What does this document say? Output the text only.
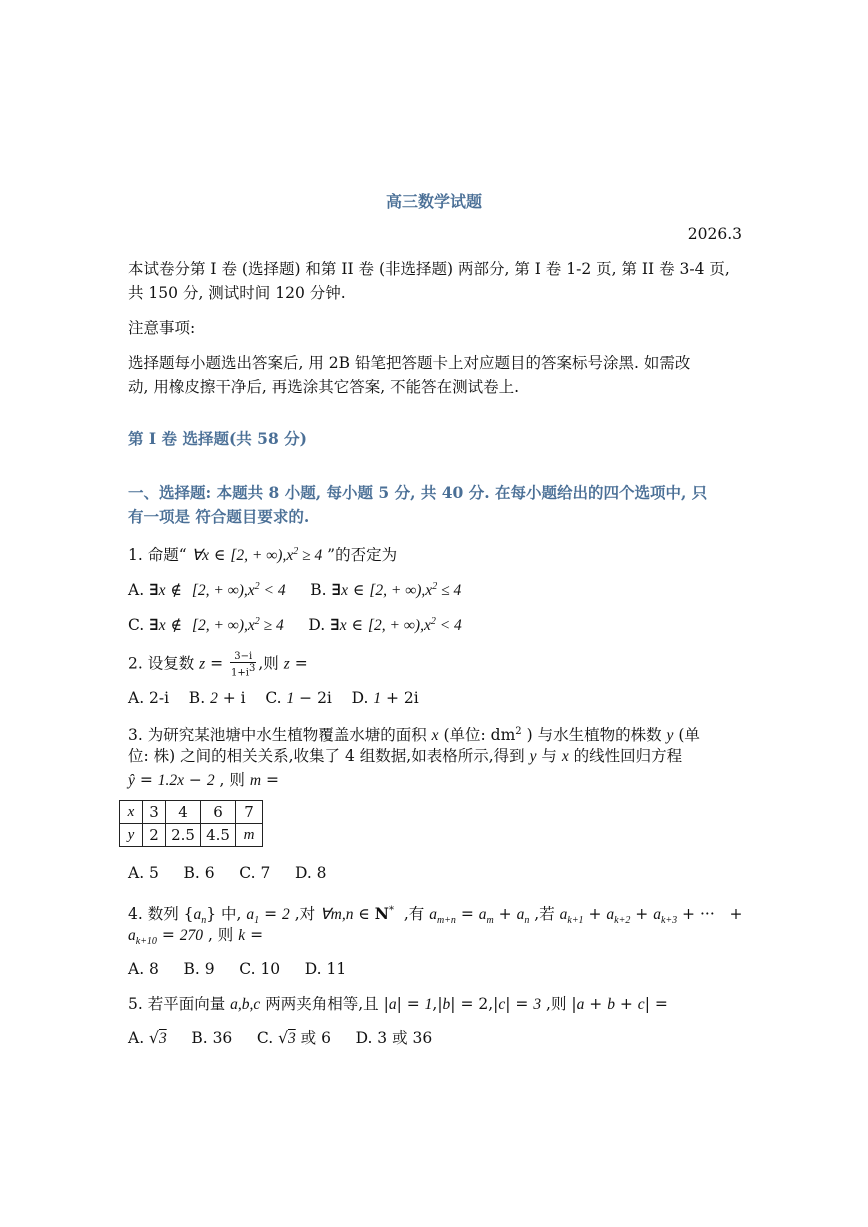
高三数学试题
2026.3
本试卷分第 I 卷 (选择题) 和第 II 卷 (非选择题) 两部分, 第 I 卷 1-2 页, 第 II 卷 3-4 页,
共 150 分, 测试时间 120 分钟.
注意事项:
选择题每小题选出答案后, 用 2B 铅笔把答题卡上对应题目的答案标号涂黑. 如需改
动, 用橡皮擦干净后, 再选涂其它答案, 不能答在测试卷上.
第 I 卷 选择题(共 58 分)
一、选择题: 本题共 8 小题, 每小题 5 分, 共 40 分. 在每小题给出的四个选项中, 只
有一项是 符合题目要求的.
1. 命题“ ∀x ∈ [2, + $\infty),x^2 \ge 4$ ”的否定为
A. ∃x ∉  [2, + $\infty),x^2 < 4$     B. ∃x ∈ [2, + $\infty),x^2 \le 4$
C. ∃x ∉  [2, + $\infty),x^2 \ge 4$     D. ∃x ∈ [2, + $\infty),x^2 < 4$
2. 设复数 $z = \frac{3-i}{1+i^3}$ ,则 z =
A. 2-i    B. 2 + i    C. 1 − 2i    D. 1 + 2i
3. 为研究某池塘中水生植物覆盖水塘的面积 x (单位: $dm^2$ ) 与水生植物的株数 y (单
位: 株) 之间的相关关系,收集了 4 组数据,如表格所示,得到 y 与 x 的线性回归方程
ŷ = 1.2x − 2 , 则 m =
x	3	4	6	7
y	2	2.5	4.5	m
A. 5     B. 6     C. 7     D. 8
4. 数列 $\{a_n\}$ 中, $a_1 = 2$ ,对 ∀m,n ∈ N*  ,有 $a_{m+n} = a_m + a_n$ ,若 $a_{k+1} + a_{k+2} + a_{k+3}$ + ···   +
$a_{k+10} = 270$ , 则 k =
A. 8     B. 9     C. 10     D. 11
5. 若平面向量 a,b,c 两两夹角相等,且 |a| = 1,|b| = 2,|c| = 3 ,则 |a + b + c| =
A. √3     B. 36     C. √3 或 6     D. 3 或 36
